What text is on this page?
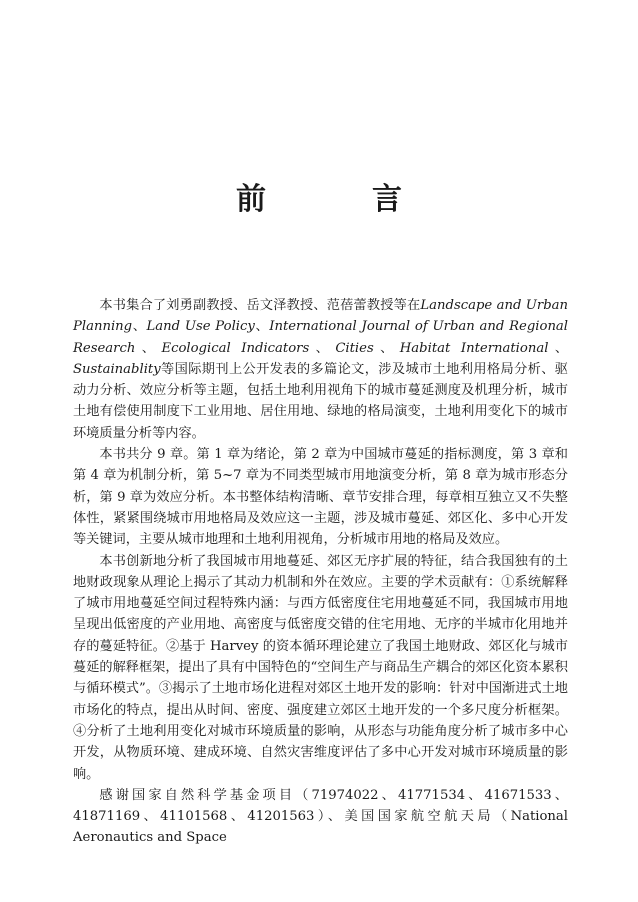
前　言

本书集合了刘勇副教授、岳文泽教授、范蓓蕾教授等在Landscape and Urban Planning、Land Use Policy、International Journal of Urban and Regional Research、Ecological Indicators、Cities、Habitat International、Sustainablity等国际期刊上公开发表的多篇论文，涉及城市土地利用格局分析、驱动力分析、效应分析等主题，包括土地利用视角下的城市蔓延测度及机理分析，城市土地有偿使用制度下工业用地、居住用地、绿地的格局演变，土地利用变化下的城市环境质量分析等内容。

本书共分 9 章。第 1 章为绪论，第 2 章为中国城市蔓延的指标测度，第 3 章和第 4 章为机制分析，第 5~7 章为不同类型城市用地演变分析，第 8 章为城市形态分析，第 9 章为效应分析。本书整体结构清晰、章节安排合理，每章相互独立又不失整体性，紧紧围绕城市用地格局及效应这一主题，涉及城市蔓延、郊区化、多中心开发等关键词，主要从城市地理和土地利用视角，分析城市用地的格局及效应。

本书创新地分析了我国城市用地蔓延、郊区无序扩展的特征，结合我国独有的土地财政现象从理论上揭示了其动力机制和外在效应。主要的学术贡献有：①系统解释了城市用地蔓延空间过程特殊内涵：与西方低密度住宅用地蔓延不同，我国城市用地呈现出低密度的产业用地、高密度与低密度交错的住宅用地、无序的半城市化用地并存的蔓延特征。②基于 Harvey 的资本循环理论建立了我国土地财政、郊区化与城市蔓延的解释框架，提出了具有中国特色的“空间生产与商品生产耦合的郊区化资本累积与循环模式”。③揭示了土地市场化进程对郊区土地开发的影响：针对中国渐进式土地市场化的特点，提出从时间、密度、强度建立郊区土地开发的一个多尺度分析框架。④分析了土地利用变化对城市环境质量的影响，从形态与功能角度分析了城市多中心开发，从物质环境、建成环境、自然灾害维度评估了多中心开发对城市环境质量的影响。

感谢国家自然科学基金项目（71974022、41771534、41671533、41871169、41101568、41201563）、美国国家航空航天局（National Aeronautics and Space
